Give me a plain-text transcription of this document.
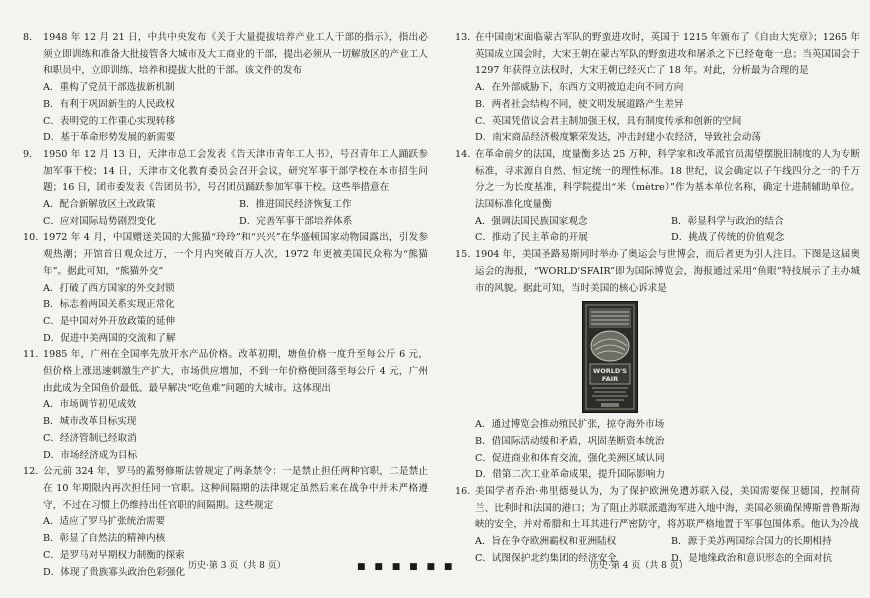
8. 1948 年 12 月 21 日，中共中央发布《关于大量提拔培养产业工人干部的指示》，指出必须立即训练和准备大批接管各大城市及大工商业的干部，提出必须从一切解放区的产业工人和职员中，立即训练、培养和提拔大批的干部。该文件的发布
A．重构了党员干部选拔新机制
B．有利于巩固新生的人民政权
C．表明党的工作重心实现转移
D．基于革命形势发展的新需要
9. 1950 年 12 月 13 日，天津市总工会发表《告天津市青年工人书》，号召青年工人踊跃参加军事干校；14 日，天津市文化教育委员会召开会议，研究军事干部学校在本市招生问题；16 日，团市委发表《告团员书》，号召团员踊跃参加军事干校。这些举措意在
A．配合新解放区土改政策	B．推进国民经济恢复工作
C．应对国际局势剧烈变化	D．完善军事干部培养体系
10. 1972 年 4 月，中国赠送美国的大熊猫“玲玲”和“兴兴”在华盛顿国家动物园露出，引发参观热潮；开馆首日观众过万，一个月内突破百万人次，1972 年更被美国民众称为“熊猫年”。据此可知，“熊猫外交”
A．打破了西方国家的外交封锁
B．标志着两国关系实现正常化
C．是中国对外开放政策的延伸
D．促进中美两国的交流和了解
11. 1985 年，广州在全国率先放开水产品价格。改革初期，塘鱼价格一度升至每公斤 6 元，但价格上涨迅速刺激生产扩大，市场供应增加，不到一年价格便回落至每公斤 4 元，广州由此成为全国鱼价最低、最早解决“吃鱼难”问题的大城市。这体现出
A．市场调节初见成效
B．城市改革目标实现
C．经济管制已经取消
D．市场经济成为目标
12. 公元前 324 年，罗马的蓋努修斯法曾规定了两条禁令：一是禁止担任两种官职，二是禁止在 10 年期限内再次担任同一官职。这种间隔期的法律规定虽然后来在战争中并未严格遵守，不过在习惯上仍维持出任官职的间隔期。这些规定
A．适应了罗马扩张统治需要
B．彰显了自然法的精神内核
C．是罗马对早期权力制衡的探索
D．体现了贵族寡头政治色彩强化
13. 在中国南宋面临蒙古军队的野蛮进攻时，英国于 1215 年颁布了《自由大宪章》；1265 年英国成立国会时，大宋王朝在蒙古军队的野蛮进攻和屠杀之下已经奄奄一息；当英国国会于 1297 年获得立法权时，大宋王朝已经灭亡了 18 年。对此，分析最为合理的是
A．在外部威胁下，东西方文明被迫走向不同方向
B．两者社会结构不同，使文明发展道路产生差异
C．英国凭借议会君主制加强王权，具有制度传承和创新的空间
D．南宋商品经济极度繁荣发达，冲击封建小农经济，导致社会动荡
14. 在革命前夕的法国，度量衡多达 25 万种，科学家和改革派官员渴望摆脱旧制度的人为专断标准，寻求源自自然、恒定统一的理性标准。18 世纪，议会确定以子午线四分之一的千万分之一为长度基准，科学院提出“米（mètre）”作为基本单位名称，确定十进制辅助单位。法国标准化度量衡
A．强调法国民族国家观念	B．彰显科学与政治的结合
C．推动了民主革命的开展	D．挑战了传统的价值观念
15. 1904 年，美国圣路易斯同时举办了奥运会与世博会，而后者更为引人注目。下图是这届奥运会的海报，“WORLD'SFAIR”即为国际博览会，海报通过采用“鱼眼”特技展示了主办城市的风貌。据此可知，当时美国的核心诉求是
WORLD'S
FAIR
A．通过博览会推动殖民扩张，掠夺海外市场
B．借国际活动缓和矛盾，巩固垄断资本统治
C．促进商业和体育交流，强化美洲区域认同
D．借第二次工业革命成果，提升国际影响力
16. 美国学者乔治·弗里德曼认为，为了保护欧洲免遭苏联入侵，美国需要保卫德国，控制荷兰、比利时和法国的港口；为了阻止苏联派遣海军进入地中海，美国必须确保博斯普鲁斯海峡的安全，并对希腊和土耳其进行严密防守，将苏联严格地置于军事包围体系。他认为冷战
A．旨在争夺欧洲霸权和亚洲陆权	B．源于美苏两国综合国力的长期相持
C．试图保护北约集团的经济安全	D．是地缘政治和意识形态的全面对抗
历史·第 3 页（共 8 页）	■ ■ ■ ■ ■ ■	历史·第 4 页（共 8 页）
